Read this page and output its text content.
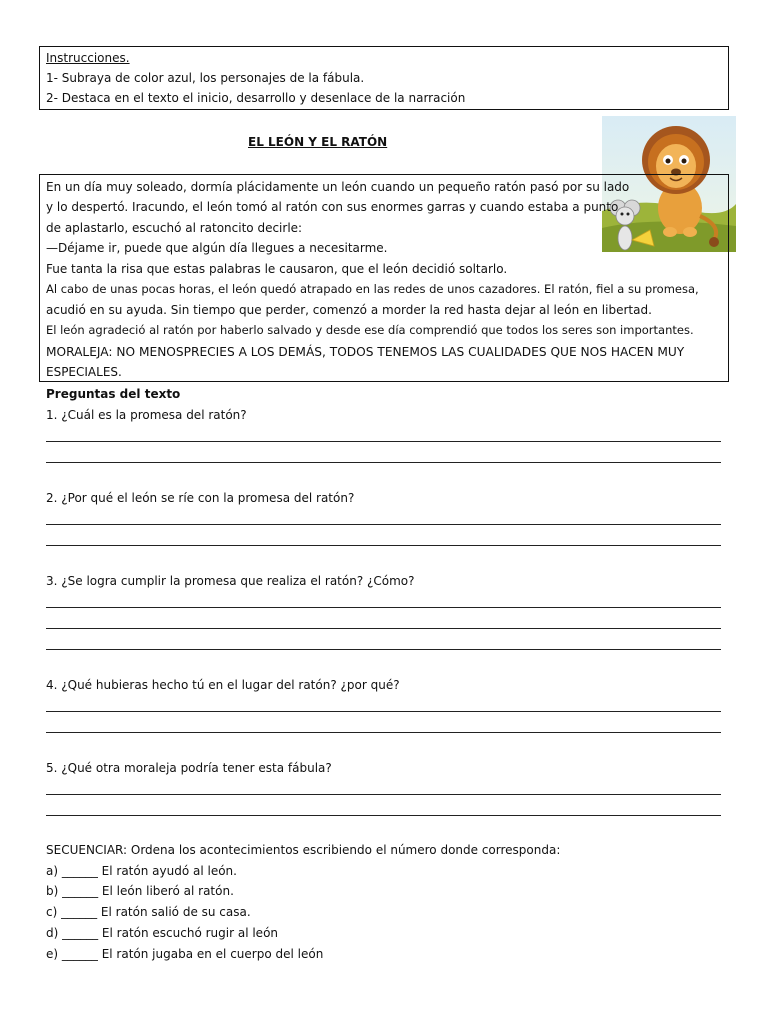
Instrucciones.
1- Subraya de color azul, los personajes de la fábula.
2- Destaca en el texto el inicio, desarrollo y desenlace de la narración
EL LEÓN Y EL RATÓN
En un día muy soleado, dormía plácidamente un león cuando un pequeño ratón pasó por su lado
y lo despertó. Iracundo, el león tomó al ratón con sus enormes garras y cuando estaba a punto
de aplastarlo, escuchó al ratoncito decirle:
—Déjame ir, puede que algún día llegues a necesitarme.
Fue tanta la risa que estas palabras le causaron, que el león decidió soltarlo.
Al cabo de unas pocas horas, el león quedó atrapado en las redes de unos cazadores. El ratón, fiel a su promesa,
acudió en su ayuda. Sin tiempo que perder, comenzó a morder la red hasta dejar al león en libertad.
El león agradeció al ratón por haberlo salvado y desde ese día comprendió que todos los seres son importantes.
MORALEJA: NO MENOSPRECIES A LOS DEMÁS, TODOS TENEMOS LAS CUALIDADES QUE NOS HACEN MUY
ESPECIALES.
Preguntas del texto
1. ¿Cuál es la promesa del ratón?
2. ¿Por qué el león se ríe con la promesa del ratón?
3. ¿Se logra cumplir la promesa que realiza el ratón? ¿Cómo?
4. ¿Qué hubieras hecho tú en el lugar del ratón? ¿por qué?
5. ¿Qué otra moraleja podría tener esta fábula?
SECUENCIAR: Ordena los acontecimientos escribiendo el número donde corresponda:
a) ______ El ratón ayudó al león.
b) ______ El león liberó al ratón.
c) ______ El ratón salió de su casa.
d) ______ El ratón escuchó rugir al león
e) ______ El ratón jugaba en el cuerpo del león
